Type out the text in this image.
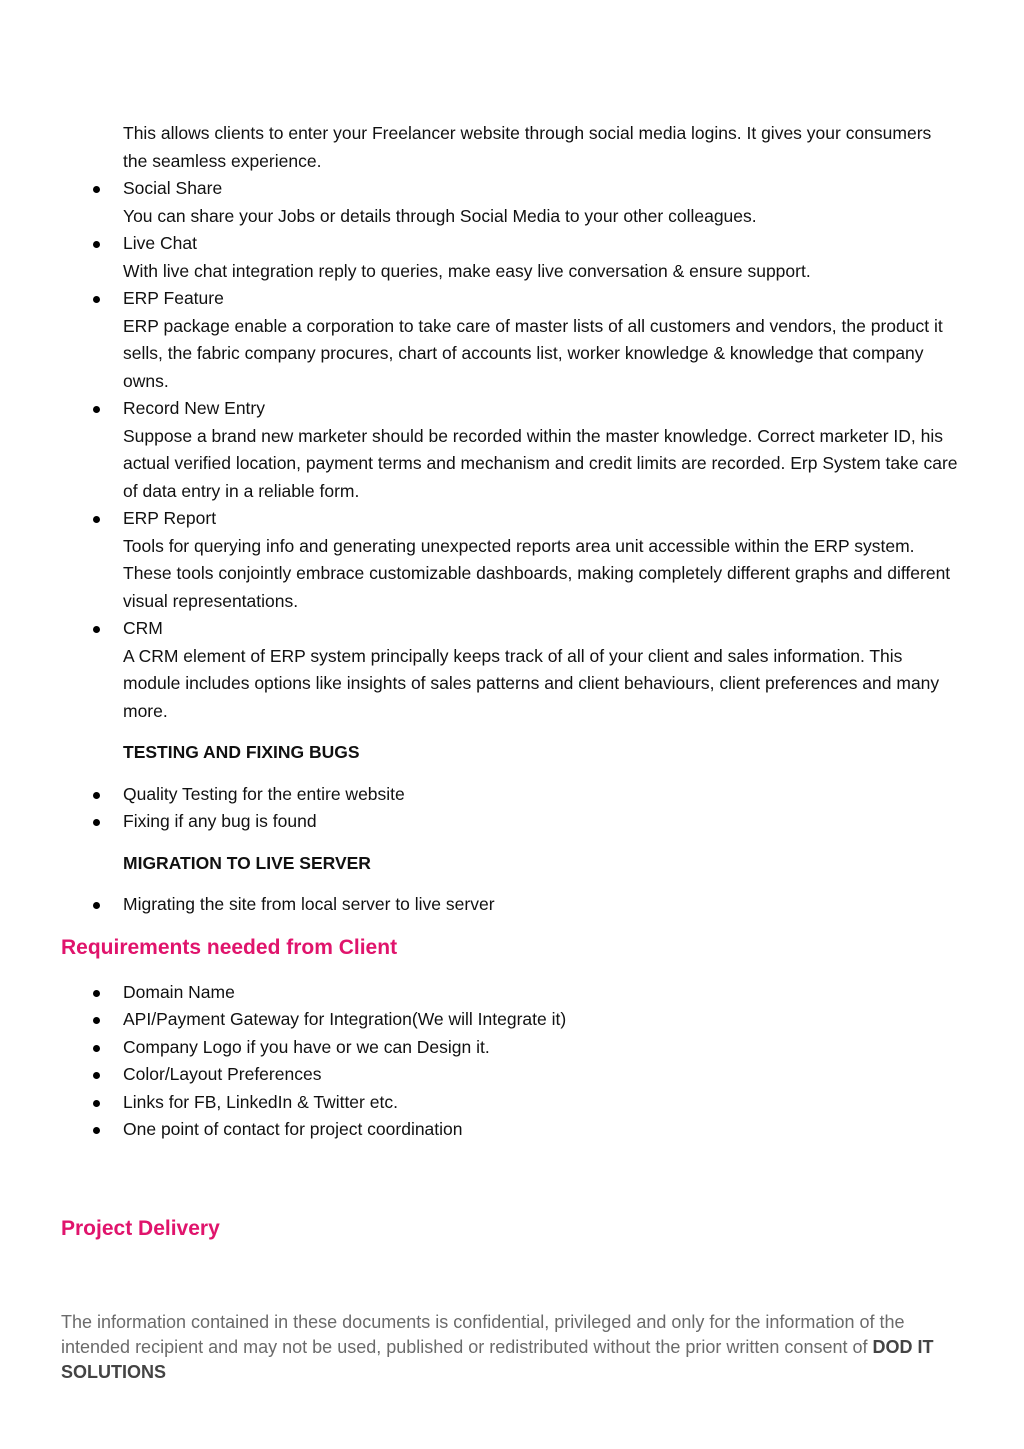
This allows clients to enter your Freelancer website through social media logins. It gives your consumers the seamless experience.
Social Share
You can share your Jobs or details through Social Media to your other colleagues.
Live Chat
With live chat integration reply to queries, make easy live conversation & ensure support.
ERP Feature
ERP package enable a corporation to take care of master lists of all customers and vendors, the product it sells, the fabric company procures, chart of accounts list, worker knowledge & knowledge that company owns.
Record New Entry
Suppose a brand new marketer should be recorded within the master knowledge. Correct marketer ID, his actual verified location, payment terms and mechanism and credit limits are recorded. Erp System take care of data entry in a reliable form.
ERP Report
Tools for querying info and generating unexpected reports area unit accessible within the ERP system. These tools conjointly embrace customizable dashboards, making completely different graphs and different visual representations.
CRM
A CRM element of ERP system principally keeps track of all of your client and sales information. This module includes options like insights of sales patterns and client behaviours, client preferences and many more.
TESTING AND FIXING BUGS
Quality Testing for the entire website
Fixing if any bug is found
MIGRATION TO LIVE SERVER
Migrating the site from local server to live server
Requirements needed from Client
Domain Name
API/Payment Gateway for Integration(We will Integrate it)
Company Logo if you have or we can Design it.
Color/Layout Preferences
Links for FB, LinkedIn & Twitter etc.
One point of contact for project coordination
Project Delivery
The information contained in these documents is confidential, privileged and only for the information of the intended recipient and may not be used, published or redistributed without the prior written consent of DOD IT SOLUTIONS
